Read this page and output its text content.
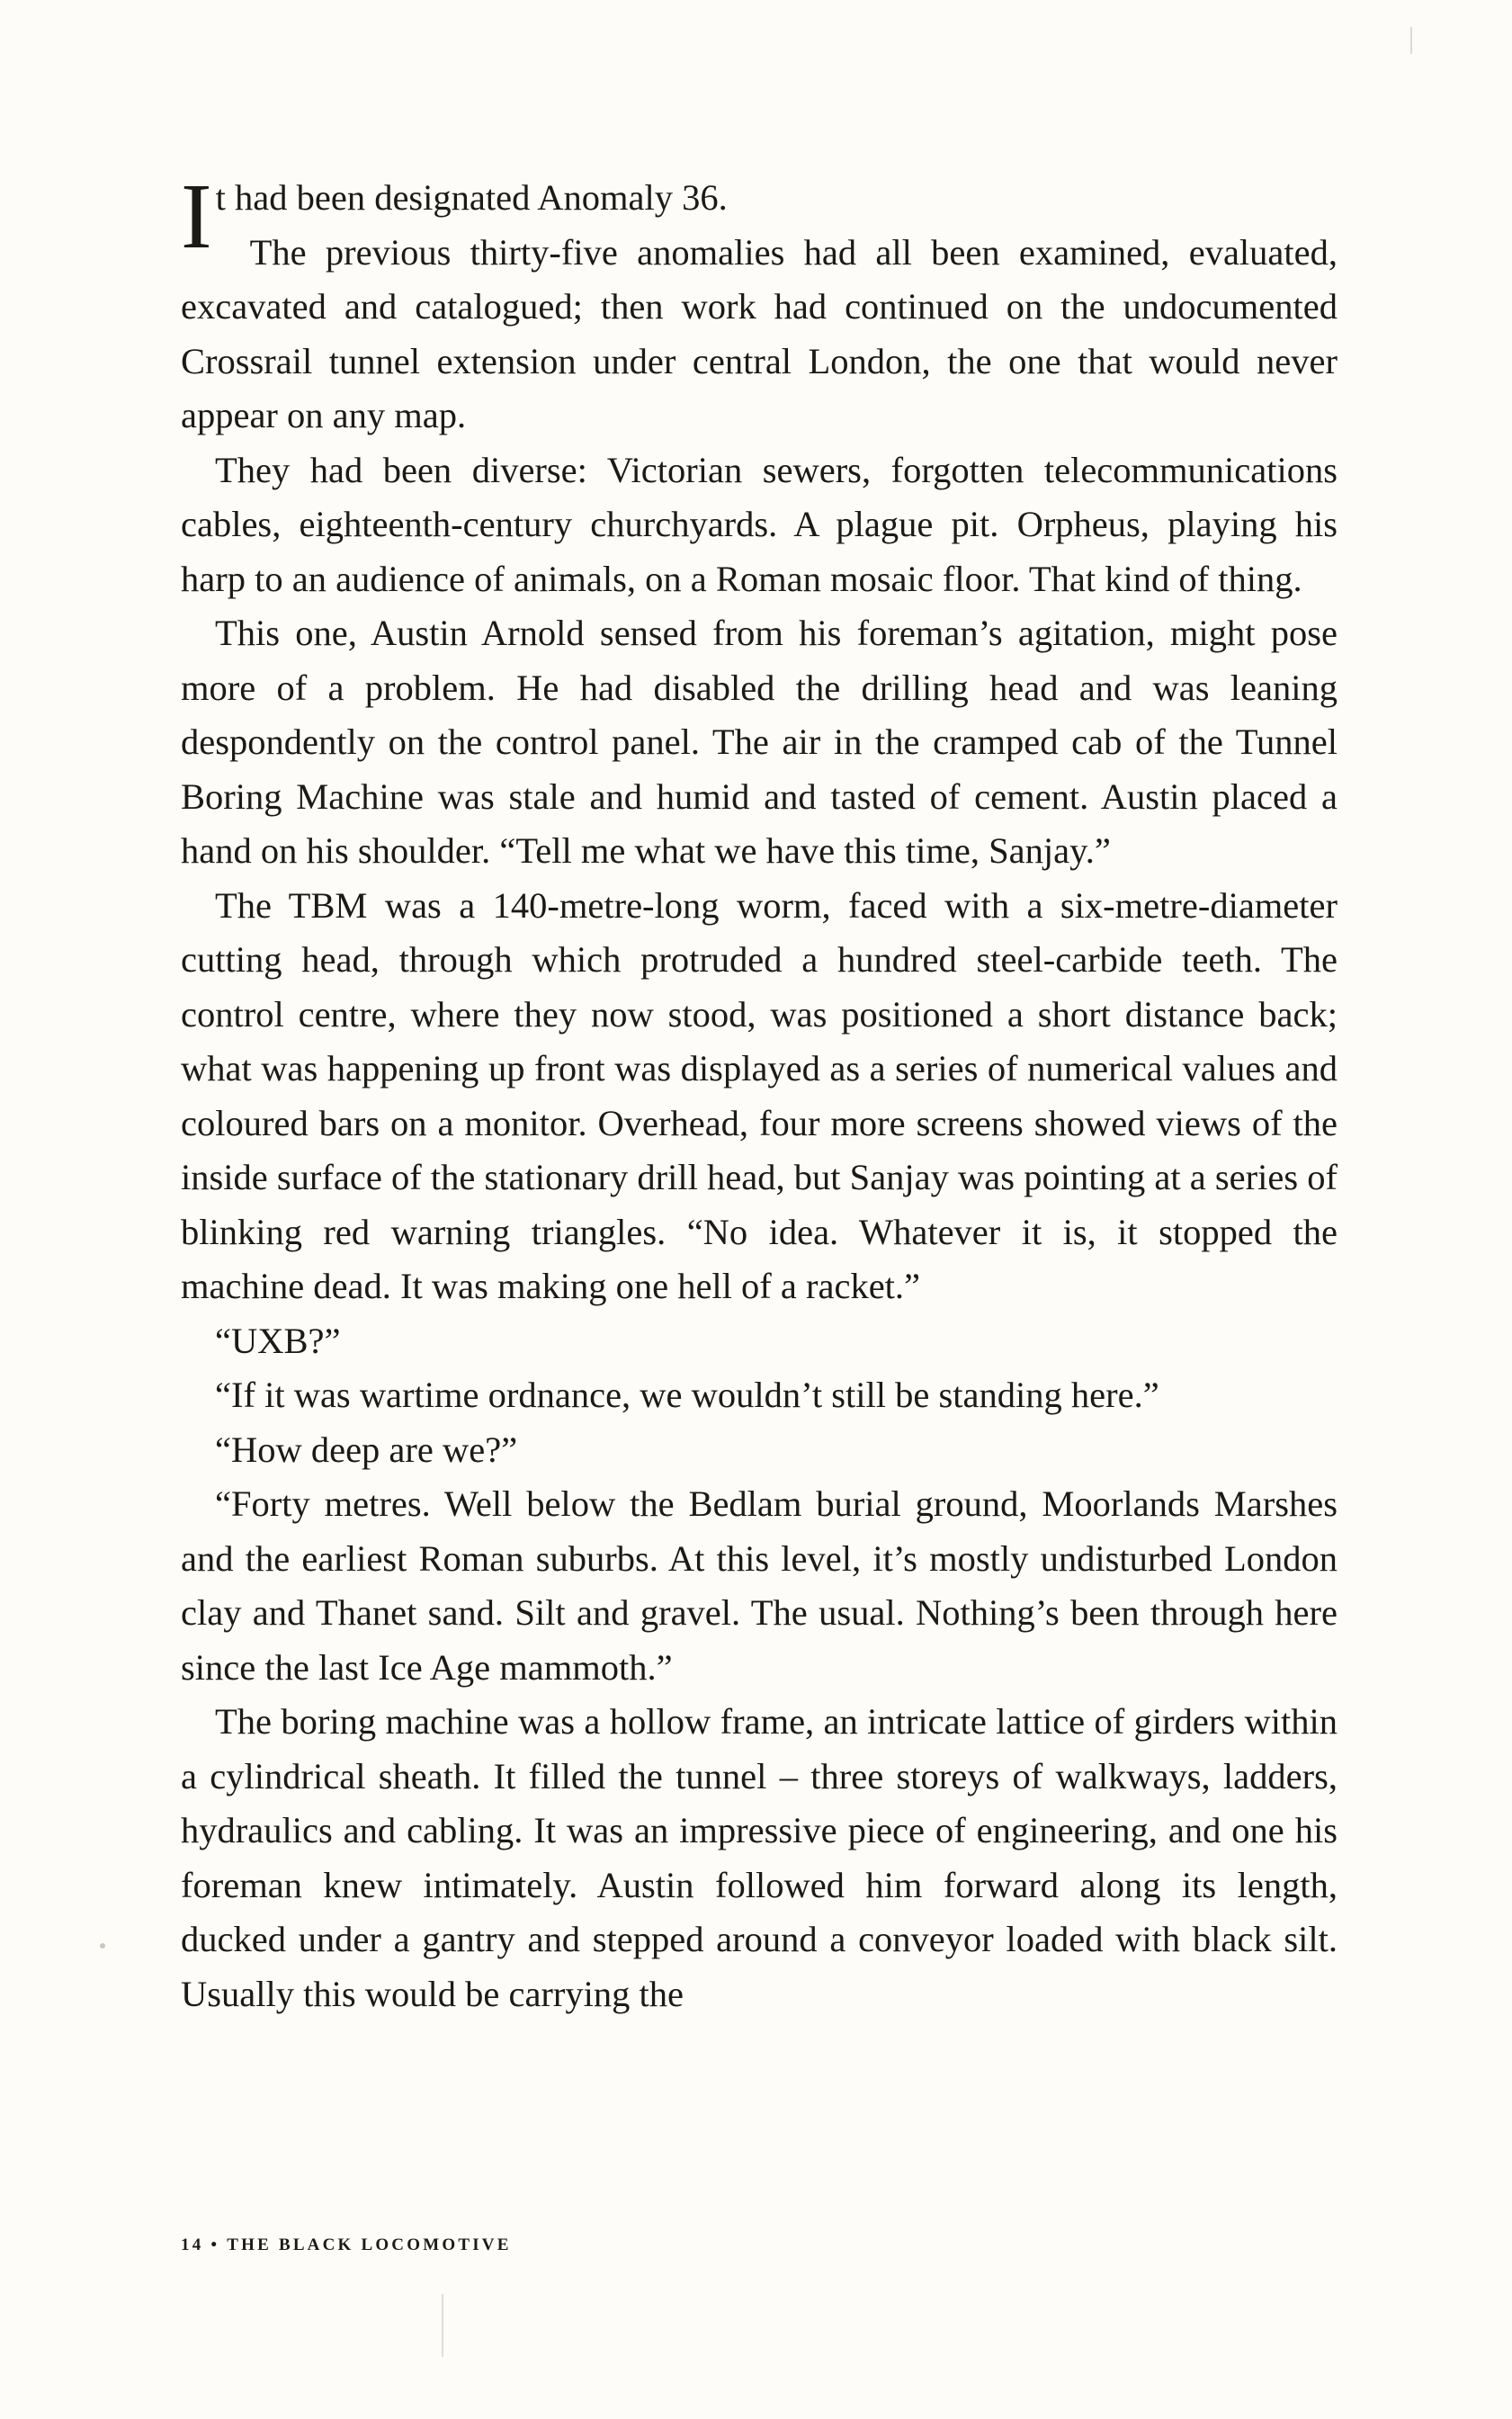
It had been designated Anomaly 36.

The previous thirty-five anomalies had all been examined, evaluated, excavated and catalogued; then work had continued on the undocumented Crossrail tunnel extension under central London, the one that would never appear on any map.

They had been diverse: Victorian sewers, forgotten telecommunications cables, eighteenth-century churchyards. A plague pit. Orpheus, playing his harp to an audience of animals, on a Roman mosaic floor. That kind of thing.

This one, Austin Arnold sensed from his foreman’s agitation, might pose more of a problem. He had disabled the drilling head and was leaning despondently on the control panel. The air in the cramped cab of the Tunnel Boring Machine was stale and humid and tasted of cement. Austin placed a hand on his shoulder. “Tell me what we have this time, Sanjay.”

The TBM was a 140-metre-long worm, faced with a six-metre-diameter cutting head, through which protruded a hundred steel-carbide teeth. The control centre, where they now stood, was positioned a short distance back; what was happening up front was displayed as a series of numerical values and coloured bars on a monitor. Overhead, four more screens showed views of the inside surface of the stationary drill head, but Sanjay was pointing at a series of blinking red warning triangles. “No idea. Whatever it is, it stopped the machine dead. It was making one hell of a racket.”

“UXB?”

“If it was wartime ordnance, we wouldn’t still be standing here.”

“How deep are we?”

“Forty metres. Well below the Bedlam burial ground, Moorlands Marshes and the earliest Roman suburbs. At this level, it’s mostly undisturbed London clay and Thanet sand. Silt and gravel. The usual. Nothing’s been through here since the last Ice Age mammoth.”

The boring machine was a hollow frame, an intricate lattice of girders within a cylindrical sheath. It filled the tunnel – three storeys of walkways, ladders, hydraulics and cabling. It was an impressive piece of engineering, and one his foreman knew intimately. Austin followed him forward along its length, ducked under a gantry and stepped around a conveyor loaded with black silt. Usually this would be carrying the

14 • THE BLACK LOCOMOTIVE
